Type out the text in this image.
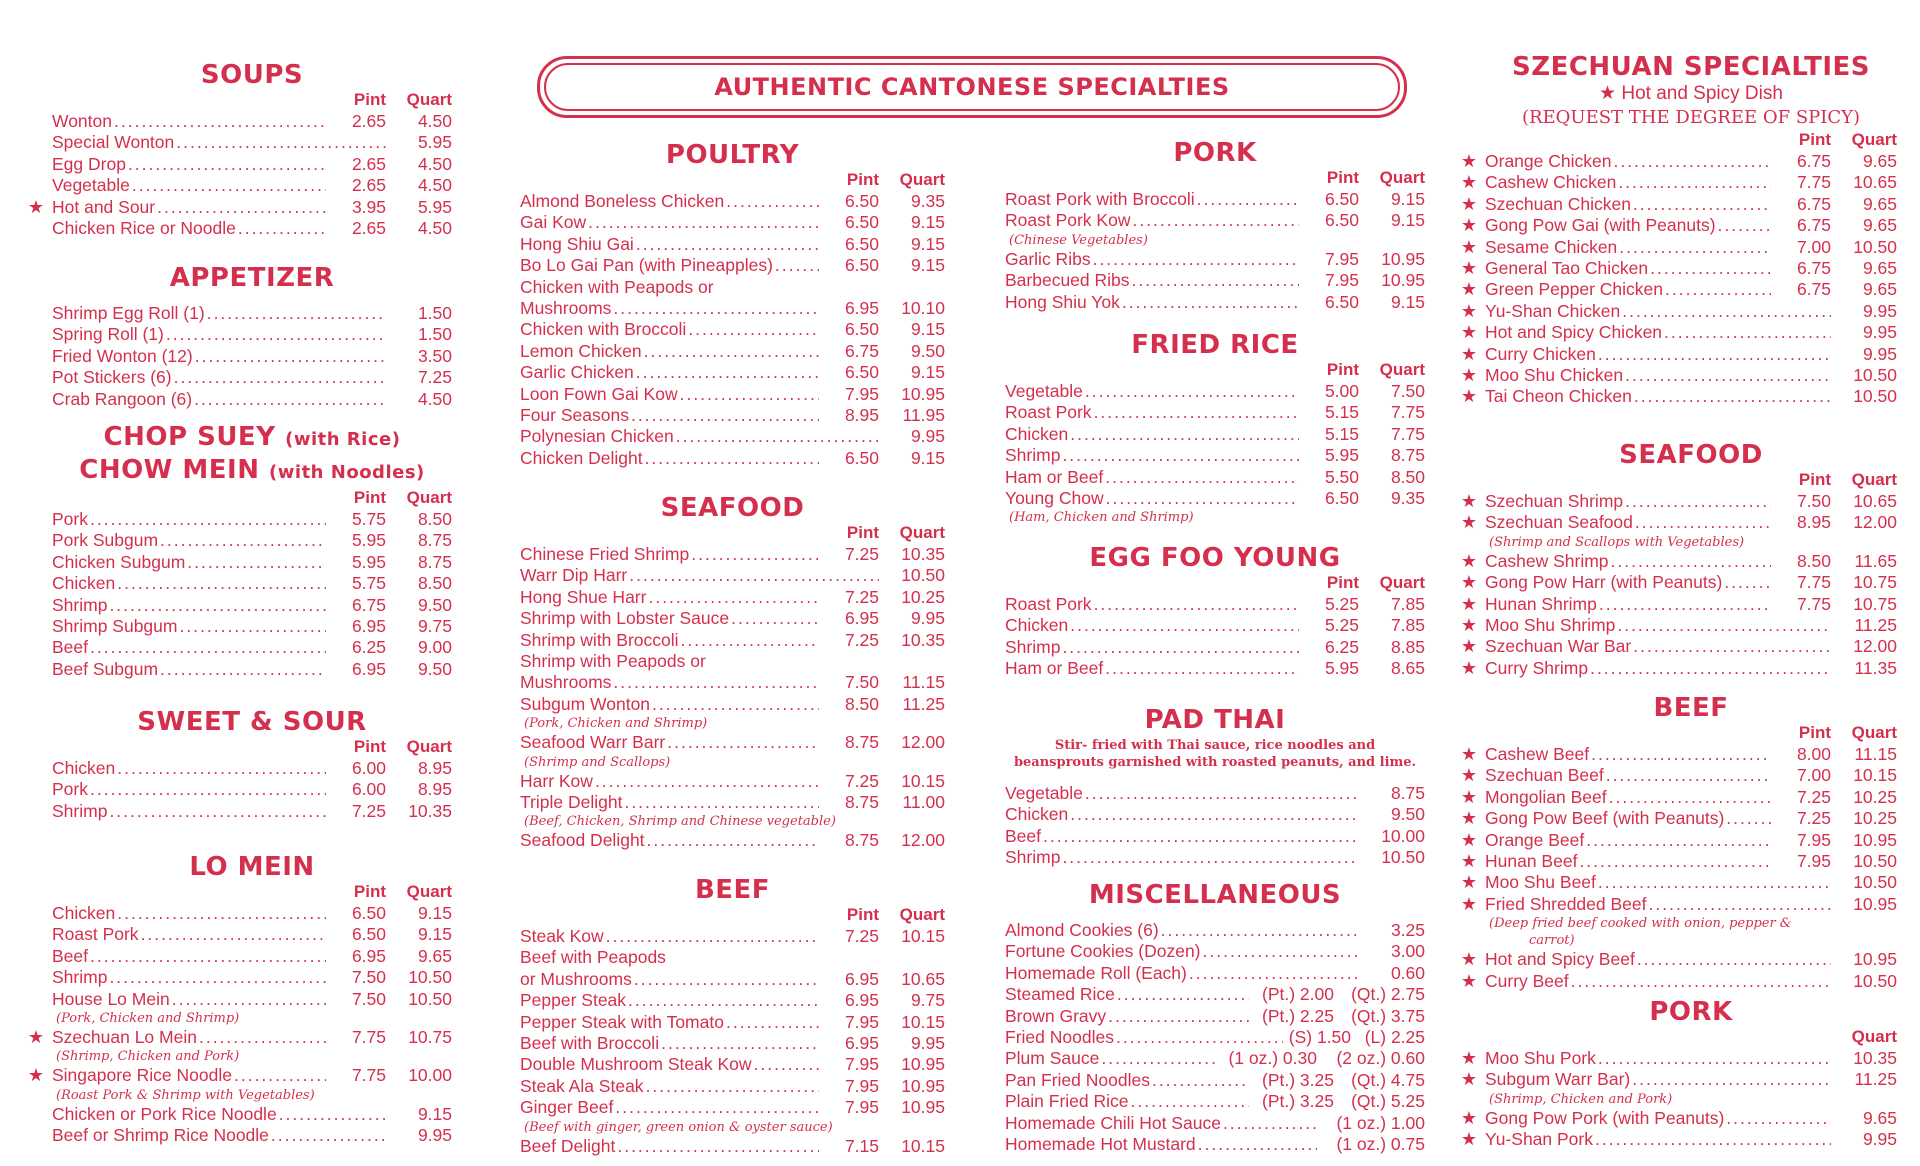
AUTHENTIC CANTONESE SPECIALTIES
SOUPS
Pint	Quart
Wonton .....	2.65	4.50
Special Wonton .....	5.95
Egg Drop .....	2.65	4.50
Vegetable .....	2.65	4.50
★ Hot and Sour .....	3.95	5.95
Chicken Rice or Noodle .....	2.65	4.50
APPETIZER
Shrimp Egg Roll (1) .....	1.50
Spring Roll (1) .....	1.50
Fried Wonton (12) .....	3.50
Pot Stickers (6) .....	7.25
Crab Rangoon (6) .....	4.50
CHOP SUEY (with Rice)
CHOW MEIN (with Noodles)
Pint	Quart
Pork .....	5.75	8.50
Pork Subgum .....	5.95	8.75
Chicken Subgum .....	5.95	8.75
Chicken .....	5.75	8.50
Shrimp .....	6.75	9.50
Shrimp Subgum .....	6.95	9.75
Beef .....	6.25	9.00
Beef Subgum .....	6.95	9.50
SWEET & SOUR
Pint	Quart
Chicken .....	6.00	8.95
Pork .....	6.00	8.95
Shrimp .....	7.25	10.35
LO MEIN
Pint	Quart
Chicken .....	6.50	9.15
Roast Pork .....	6.50	9.15
Beef .....	6.95	9.65
Shrimp .....	7.50	10.50
House Lo Mein .....	7.50	10.50
(Pork, Chicken and Shrimp)
★ Szechuan Lo Mein .....	7.75	10.75
(Shrimp, Chicken and Pork)
★ Singapore Rice Noodle .....	7.75	10.00
(Roast Pork & Shrimp with Vegetables)
Chicken or Pork Rice Noodle .....	9.15
Beef or Shrimp Rice Noodle .....	9.95
POULTRY
Pint	Quart
Almond Boneless Chicken .....	6.50	9.35
Gai Kow .....	6.50	9.15
Hong Shiu Gai .....	6.50	9.15
Bo Lo Gai Pan (with Pineapples) .....	6.50	9.15
Chicken with Peapods or
Mushrooms .....	6.95	10.10
Chicken with Broccoli .....	6.50	9.15
Lemon Chicken .....	6.75	9.50
Garlic Chicken .....	6.50	9.15
Loon Fown Gai Kow .....	7.95	10.95
Four Seasons .....	8.95	11.95
Polynesian Chicken .....	9.95
Chicken Delight .....	6.50	9.15
SEAFOOD
Pint	Quart
Chinese Fried Shrimp .....	7.25	10.35
Warr Dip Harr .....	10.50
Hong Shue Harr .....	7.25	10.25
Shrimp with Lobster Sauce .....	6.95	9.95
Shrimp with Broccoli .....	7.25	10.35
Shrimp with Peapods or
Mushrooms .....	7.50	11.15
Subgum Wonton .....	8.50	11.25
(Pork, Chicken and Shrimp)
Seafood Warr Barr .....	8.75	12.00
(Shrimp and Scallops)
Harr Kow .....	7.25	10.15
Triple Delight .....	8.75	11.00
(Beef, Chicken, Shrimp and Chinese vegetable)
Seafood Delight .....	8.75	12.00
BEEF
Pint	Quart
Steak Kow .....	7.25	10.15
Beef with Peapods
or Mushrooms .....	6.95	10.65
Pepper Steak .....	6.95	9.75
Pepper Steak with Tomato .....	7.95	10.15
Beef with Broccoli .....	6.95	9.95
Double Mushroom Steak Kow .....	7.95	10.95
Steak Ala Steak .....	7.95	10.95
Ginger Beef .....	7.95	10.95
(Beef with ginger, green onion & oyster sauce)
Beef Delight .....	7.15	10.15
PORK
Pint	Quart
Roast Pork with Broccoli .....	6.50	9.15
Roast Pork Kow .....	6.50	9.15
(Chinese Vegetables)
Garlic Ribs .....	7.95	10.95
Barbecued Ribs .....	7.95	10.95
Hong Shiu Yok .....	6.50	9.15
FRIED RICE
Pint	Quart
Vegetable .....	5.00	7.50
Roast Pork .....	5.15	7.75
Chicken .....	5.15	7.75
Shrimp .....	5.95	8.75
Ham or Beef .....	5.50	8.50
Young Chow .....	6.50	9.35
(Ham, Chicken and Shrimp)
EGG FOO YOUNG
Pint	Quart
Roast Pork .....	5.25	7.85
Chicken .....	5.25	7.85
Shrimp .....	6.25	8.85
Ham or Beef .....	5.95	8.65
PAD THAI
Stir- fried with Thai sauce, rice noodles and beansprouts garnished with roasted peanuts, and lime.
Vegetable .....	8.75
Chicken .....	9.50
Beef .....	10.00
Shrimp .....	10.50
MISCELLANEOUS
Almond Cookies (6) .....	3.25
Fortune Cookies (Dozen) .....	3.00
Homemade Roll (Each) .....	0.60
Steamed Rice .....	(Pt.) 2.00 (Qt.) 2.75
Brown Gravy .....	(Pt.) 2.25 (Qt.) 3.75
Fried Noodles .....	(S) 1.50 (L) 2.25
Plum Sauce .....	(1 oz.) 0.30	(2 oz.) 0.60
Pan Fried Noodles .....	(Pt.) 3.25 (Qt.) 4.75
Plain Fried Rice .....	(Pt.) 3.25 (Qt.) 5.25
Homemade Chili Hot Sauce .....	(1 oz.) 1.00
Homemade Hot Mustard .....	(1 oz.) 0.75
SZECHUAN SPECIALTIES
★ Hot and Spicy Dish
(REQUEST THE DEGREE OF SPICY)
Pint	Quart
★ Orange Chicken .....	6.75	9.65
★ Cashew Chicken .....	7.75	10.65
★ Szechuan Chicken .....	6.75	9.65
★ Gong Pow Gai (with Peanuts) .....	6.75	9.65
★ Sesame Chicken .....	7.00	10.50
★ General Tao Chicken .....	6.75	9.65
★ Green Pepper Chicken .....	6.75	9.65
★ Yu-Shan Chicken .....	9.95
★ Hot and Spicy Chicken .....	9.95
★ Curry Chicken .....	9.95
★ Moo Shu Chicken .....	10.50
★ Tai Cheon Chicken .....	10.50
SEAFOOD
Pint	Quart
★ Szechuan Shrimp .....	7.50	10.65
★ Szechuan Seafood .....	8.95	12.00
(Shrimp and Scallops with Vegetables)
★ Cashew Shrimp .....	8.50	11.65
★ Gong Pow Harr (with Peanuts) .....	7.75	10.75
★ Hunan Shrimp .....	7.75	10.75
★ Moo Shu Shrimp .....	11.25
★ Szechuan War Bar .....	12.00
★ Curry Shrimp .....	11.35
BEEF
Pint	Quart
★ Cashew Beef .....	8.00	11.15
★ Szechuan Beef .....	7.00	10.15
★ Mongolian Beef .....	7.25	10.25
★ Gong Pow Beef (with Peanuts) .....	7.25	10.25
★ Orange Beef .....	7.95	10.95
★ Hunan Beef .....	7.95	10.50
★ Moo Shu Beef .....	10.50
★ Fried Shredded Beef .....	10.95
(Deep fried beef cooked with onion, pepper &
carrot)
★ Hot and Spicy Beef .....	10.95
★ Curry Beef .....	10.50
PORK
Quart
★ Moo Shu Pork .....	10.35
★ Subgum Warr Bar) .....	11.25
(Shrimp, Chicken and Pork)
★ Gong Pow Pork (with Peanuts) .....	9.65
★ Yu-Shan Pork .....	9.95
